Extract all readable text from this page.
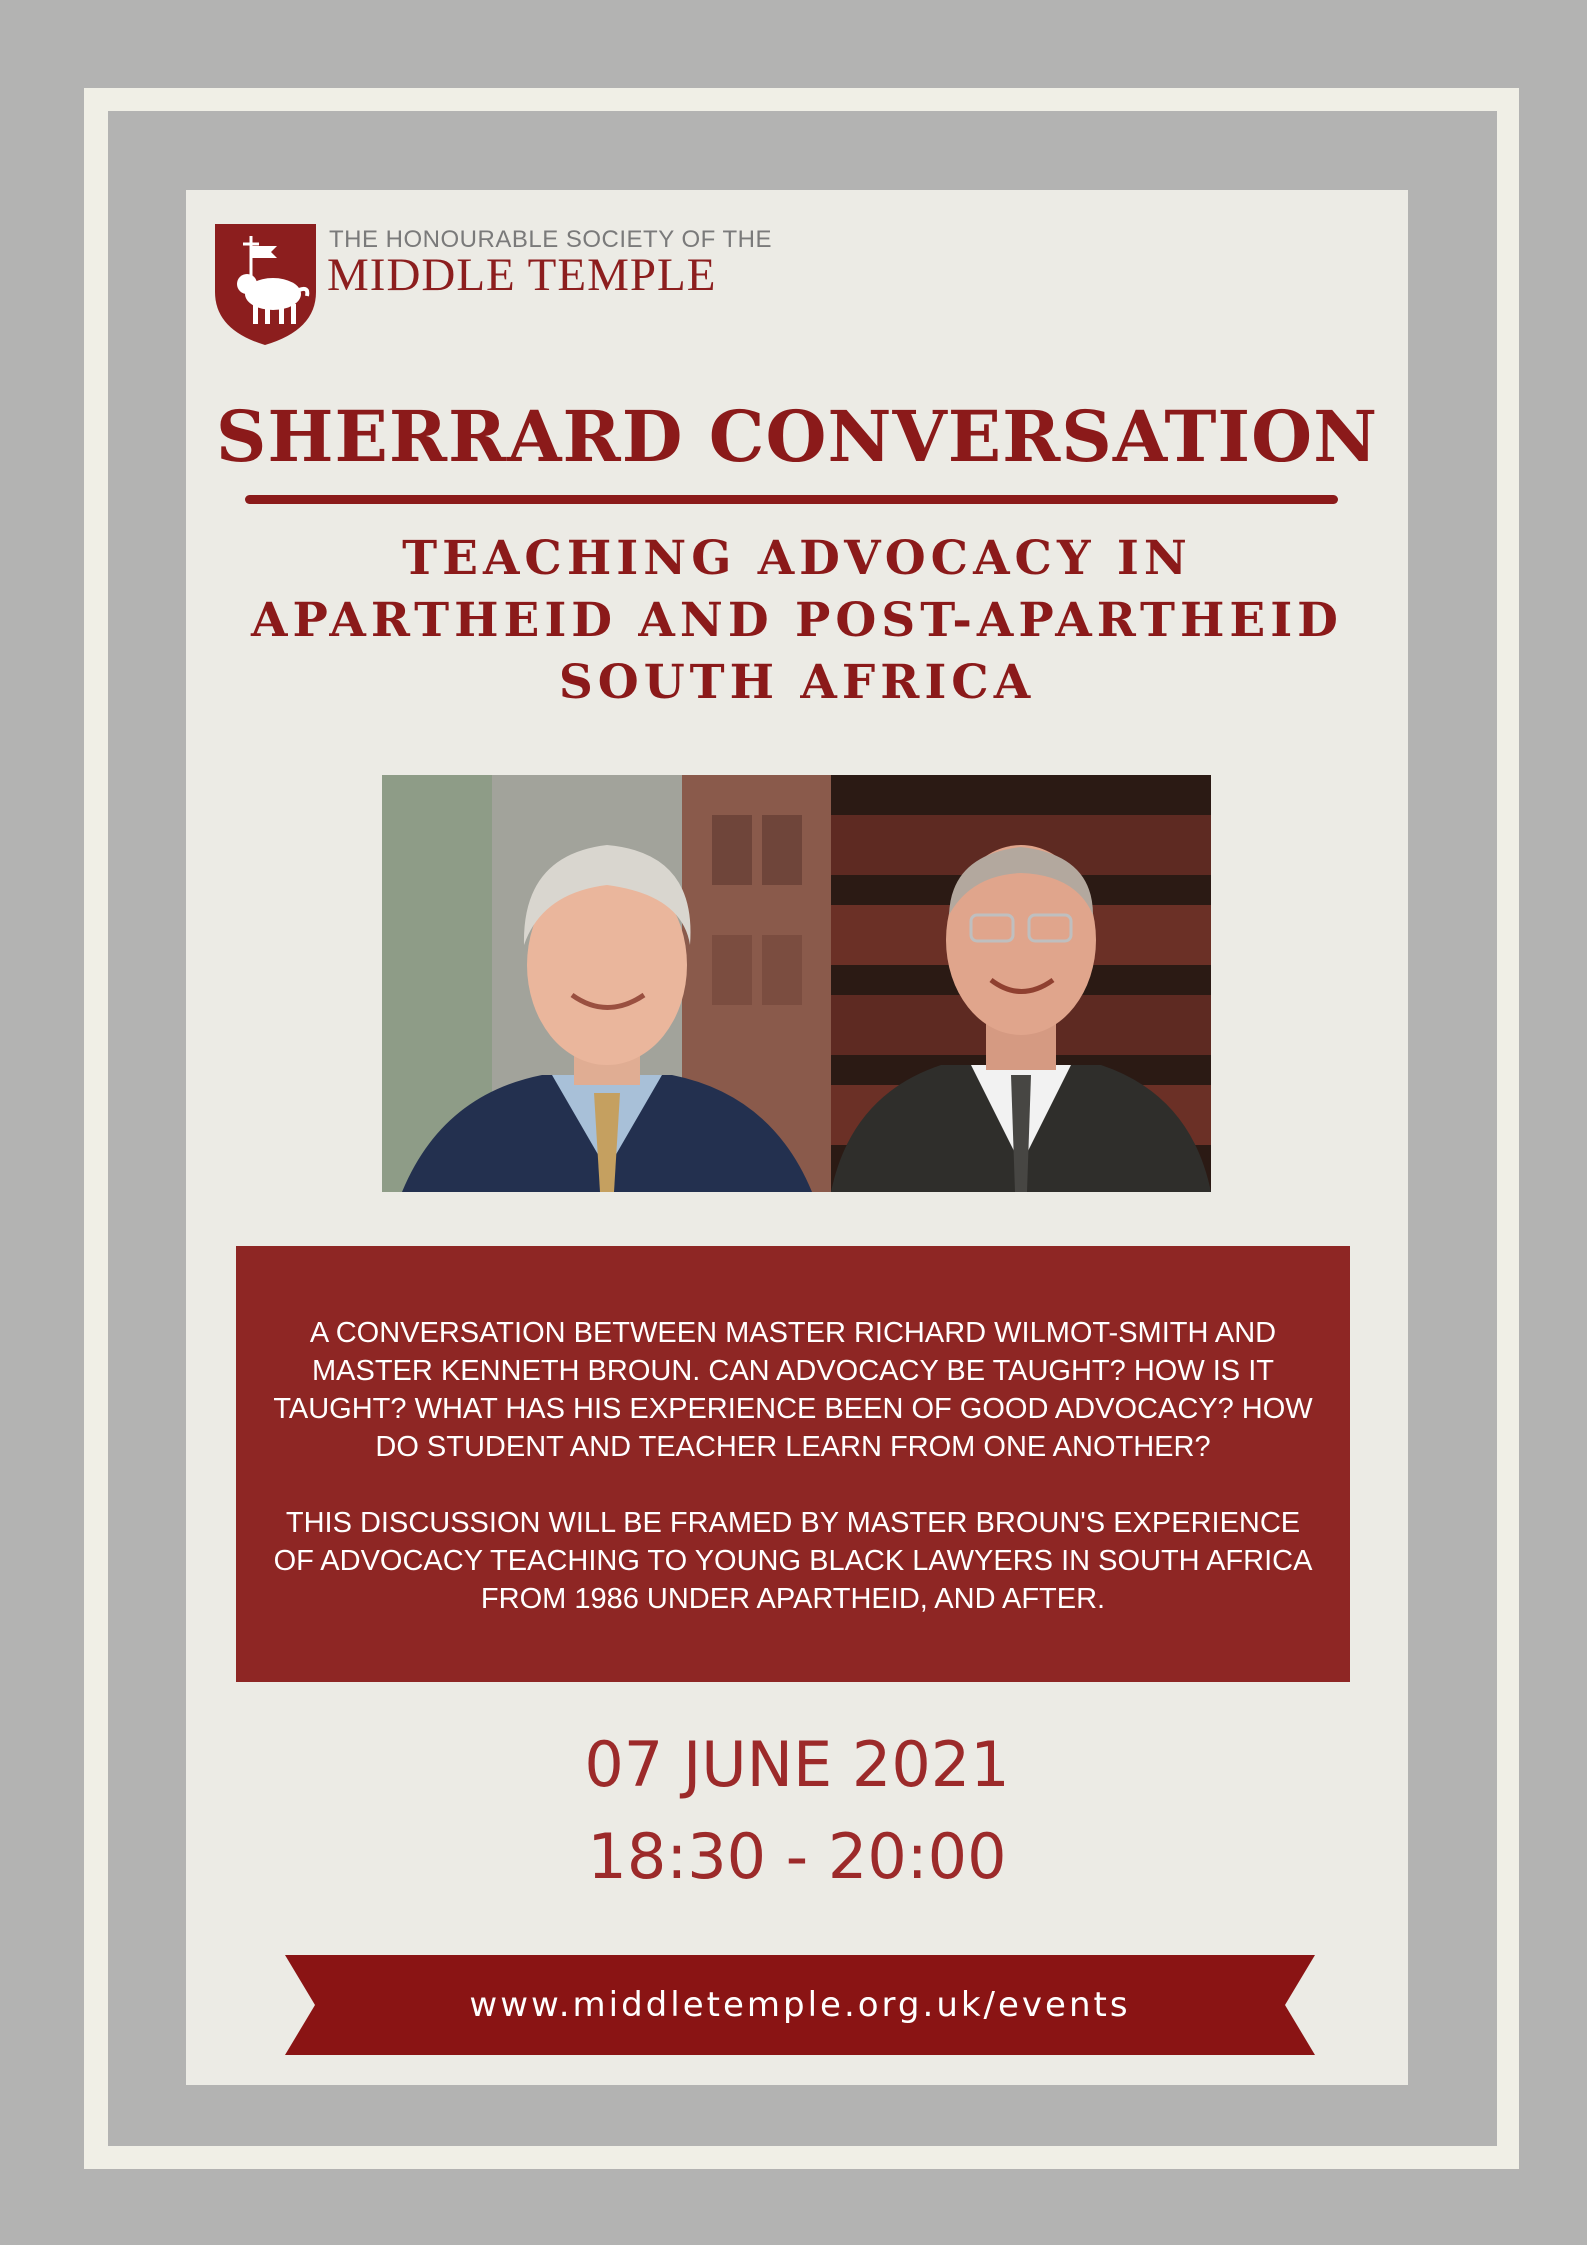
THE HONOURABLE SOCIETY OF THE
MIDDLE TEMPLE
SHERRARD CONVERSATION
TEACHING ADVOCACY IN
APARTHEID AND POST-APARTHEID
SOUTH AFRICA

A CONVERSATION BETWEEN MASTER RICHARD WILMOT-SMITH AND MASTER KENNETH BROUN. CAN ADVOCACY BE TAUGHT? HOW IS IT TAUGHT? WHAT HAS HIS EXPERIENCE BEEN OF GOOD ADVOCACY? HOW DO STUDENT AND TEACHER LEARN FROM ONE ANOTHER?

THIS DISCUSSION WILL BE FRAMED BY MASTER BROUN'S EXPERIENCE OF ADVOCACY TEACHING TO YOUNG BLACK LAWYERS IN SOUTH AFRICA FROM 1986 UNDER APARTHEID, AND AFTER.

07 JUNE 2021
18:30 - 20:00
www.middletemple.org.uk/events
